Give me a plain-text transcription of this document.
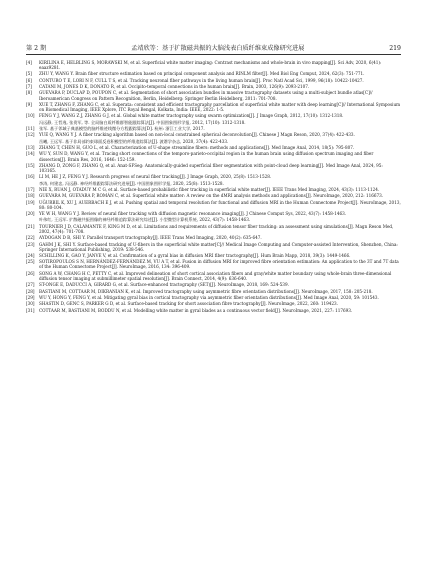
第 2 期	孟靖欣等：基于扩散磁共振的大脑浅表白质纤维束成像研究进展	219
[4]	KIRILINA E, HELBLING S, MORAWSKI M, et al. Superficial white matter imaging: Contrast mechanisms and whole-brain in vivo mapping[J]. Sci Adv, 2020, 6(41): eaaz9281.
[5]	ZHU Y, WANG Y. Brain fiber structure estimation based on principal component analysis and RINLM filter[J]. Med Biol Eng Comput, 2024, 62(3): 751-771.
[6]	CONTURO T E, LORI N F, CULL T S, et al. Tracking neuronal fiber pathways in the living human brain[J]. Proc Natl Acad Sci, 1999, 96(18): 10422-10427.
[7]	CATANI M, JONES D K, DONATO R, et al. Occipito-temporal connections in the human brain[J]. Brain, 2003, 126(9): 2093-2107.
[8]	GUEVARA P, DUCLAP D, POUPON C, et al. Segmentation of short association bundles in massive tractography datasets using a multi-subject bundle atlas[C]// Iberoamerican Congress on Pattern Recognition, Berlin, Heidelberg: Springer Berlin Heidelberg, 2011: 701-708.
[9]	XUE T, ZHANG F, ZHANG C, et al. Superata: consistent and efficient tractography parcellation of superficial white matter with deep learning[C]// International Symposium on Biomedical Imaging, IEEE Xplore, ITC Royal Bengal, Kolkata, India: IEEE, 2022: 1-5.
[10]	FENG Y J, WANG Z J, ZHANG G J, et al. Global white matter tractography using swarm optimization[J]. J Image Graph, 2012, 17(10): 1312-1318.
冯远静, 王哲逸, 张贵军, 等. 全局脑白质纤维群智能跟踪算法[J]. 中国图象图形学报, 2012, 17(10): 1312-1318.
[11]	张军. 基于邻域子典基模型的脑纤维迹线微分方程跟踪算法[D]. 杭州: 浙江工业大学, 2017.
[12]	YUE Q, WANG Y J. A fiber tracking algorithm based on non-local constrained spherical deconvolution[J]. Chinese J Magn Reson, 2020, 37(4): 422-433.
岳曦, 王远军. 基于非局部约束球面反卷积模型的纤维追踪算法[J]. 波谱学杂志, 2020, 37(4): 422-433.
[13]	ZHANG T, CHEN H, GUO L, et al. Characterization of U-shape streamline fibers: methods and applications[J]. Med Image Anal, 2014, 18(5): 795-807.
[14]	WU Y, SUN D, WANG Y, et al. Tracing short connections of the temporo-parieto-occipital region in the human brain using diffusion spectrum imaging and fiber dissection[J]. Brain Res, 2016, 1646: 152-159.
[15]	ZHANG D, ZONG F, ZHANG Q, et al. Anat-SFSeg: Anatomically-guided superficial fiber segmentation with point-cloud deep learning[J]. Med Image Anal, 2024, 95: 103165.
[16]	LI M, HE J Z, FENG Y J. Research progress of neural fiber tracking[J]. J Image Graph, 2020, 25(8): 1513-1528.
李涛, 何建忠, 冯远静. 神经纤维跟踪算法研究进展[J]. 中国图象图形学报, 2020, 25(8): 1513-1528.
[17]	NIE X, RUAN J, OTADUY M C G, et al. Surface-based probabilistic fiber tracking in superficial white matter[J]. IEEE Trans Med Imaging, 2024, 43(3): 1113-1124.
[18]	GUEVARA M, GUEVARA P, ROMÁN C, et al. Superficial white matter: A review on the dMRI analysis methods and applications[J]. NeuroImage, 2020, 212: 116673.
[19]	UĞURBIL K, XU J, AUERBACH E J, et al. Pushing spatial and temporal resolution for functional and diffusion MRI in the Human Connectome Project[J]. NeuroImage, 2013, 80: 80-104.
[20]	YE W H, WANG Y J. Review of neural fiber tracking with diffusion magnetic resonance imaging[J]. J Chinese Comput Sys, 2022, 43(7): 1458-1463.
叶伟红, 王远军. 扩散磁共振图像的神经纤维追踪算法研究综述[J]. 小型微型计算机系统, 2022, 43(7): 1458-1463.
[21]	TOURNIER J D, CALAMANTE F, KING M D, et al. Limitations and requirements of diffusion tensor fiber tracking: an assessment using simulations[J]. Magn Reson Med, 2002, 47(4): 701-708.
[22]	AYDOGAN D B, SHI Y. Parallel transport tractography[J]. IEEE Trans Med Imaging, 2020, 40(2): 635-647.
[23]	GAHM J K, SHI Y. Surface-based tracking of U-fibers in the superficial white matter[C]// Medical Image Computing and Computer-assisted Intervention, Shenzhen, China: Springer International Publishing, 2019: 538-546.
[24]	SCHILLING K, GAO Y, JANVE V, et al. Confirmation of a gyral bias in diffusion MRI fiber tractography[J]. Hum Brain Mapp, 2018, 39(3): 1449-1466.
[25]	SOTIROPOULOS S N, HERNÁNDEZ-FERNÁNDEZ M, VU A T, et al. Fusion in diffusion MRI for improved fibre orientation estimation: An application to the 3T and 7T data of the Human Connectome Project[J]. NeuroImage, 2016, 134: 396-409.
[26]	SONG A W, CHANG H C, PETTY C, et al. Improved delineation of short cortical association fibers and gray/white matter boundary using whole-brain three-dimensional diffusion tensor imaging at submillimeter spatial resolution[J]. Brain Connect, 2014, 4(9): 636-640.
[27]	ST-ONGE E, DADUCCI A, GIRARD G, et al. Surface-enhanced tractography (SET)[J]. NeuroImage, 2018, 169: 524-539.
[28]	BASTIANI M, COTTAAR M, DIKRANIAN K, et al. Improved tractography using asymmetric fibre orientation distributions[J]. NeuroImage, 2017, 158: 205-218.
[29]	WU Y, HONG Y, FENG Y, et al. Mitigating gyral bias in cortical tractography via asymmetric fiber orientation distributions[J]. Med Image Anal, 2020, 59: 101543.
[30]	SHASTIN D, GENC S, PARKER G D, et al. Surface-based tracking for short association fibre tractography[J]. NeuroImage, 2022, 260: 119423.
[31]	COTTAAR M, BASTIANI M, BODDU N, et al. Modelling white matter in gyral blades as a continuous vector field[J]. NeuroImage, 2021, 227: 117693.
